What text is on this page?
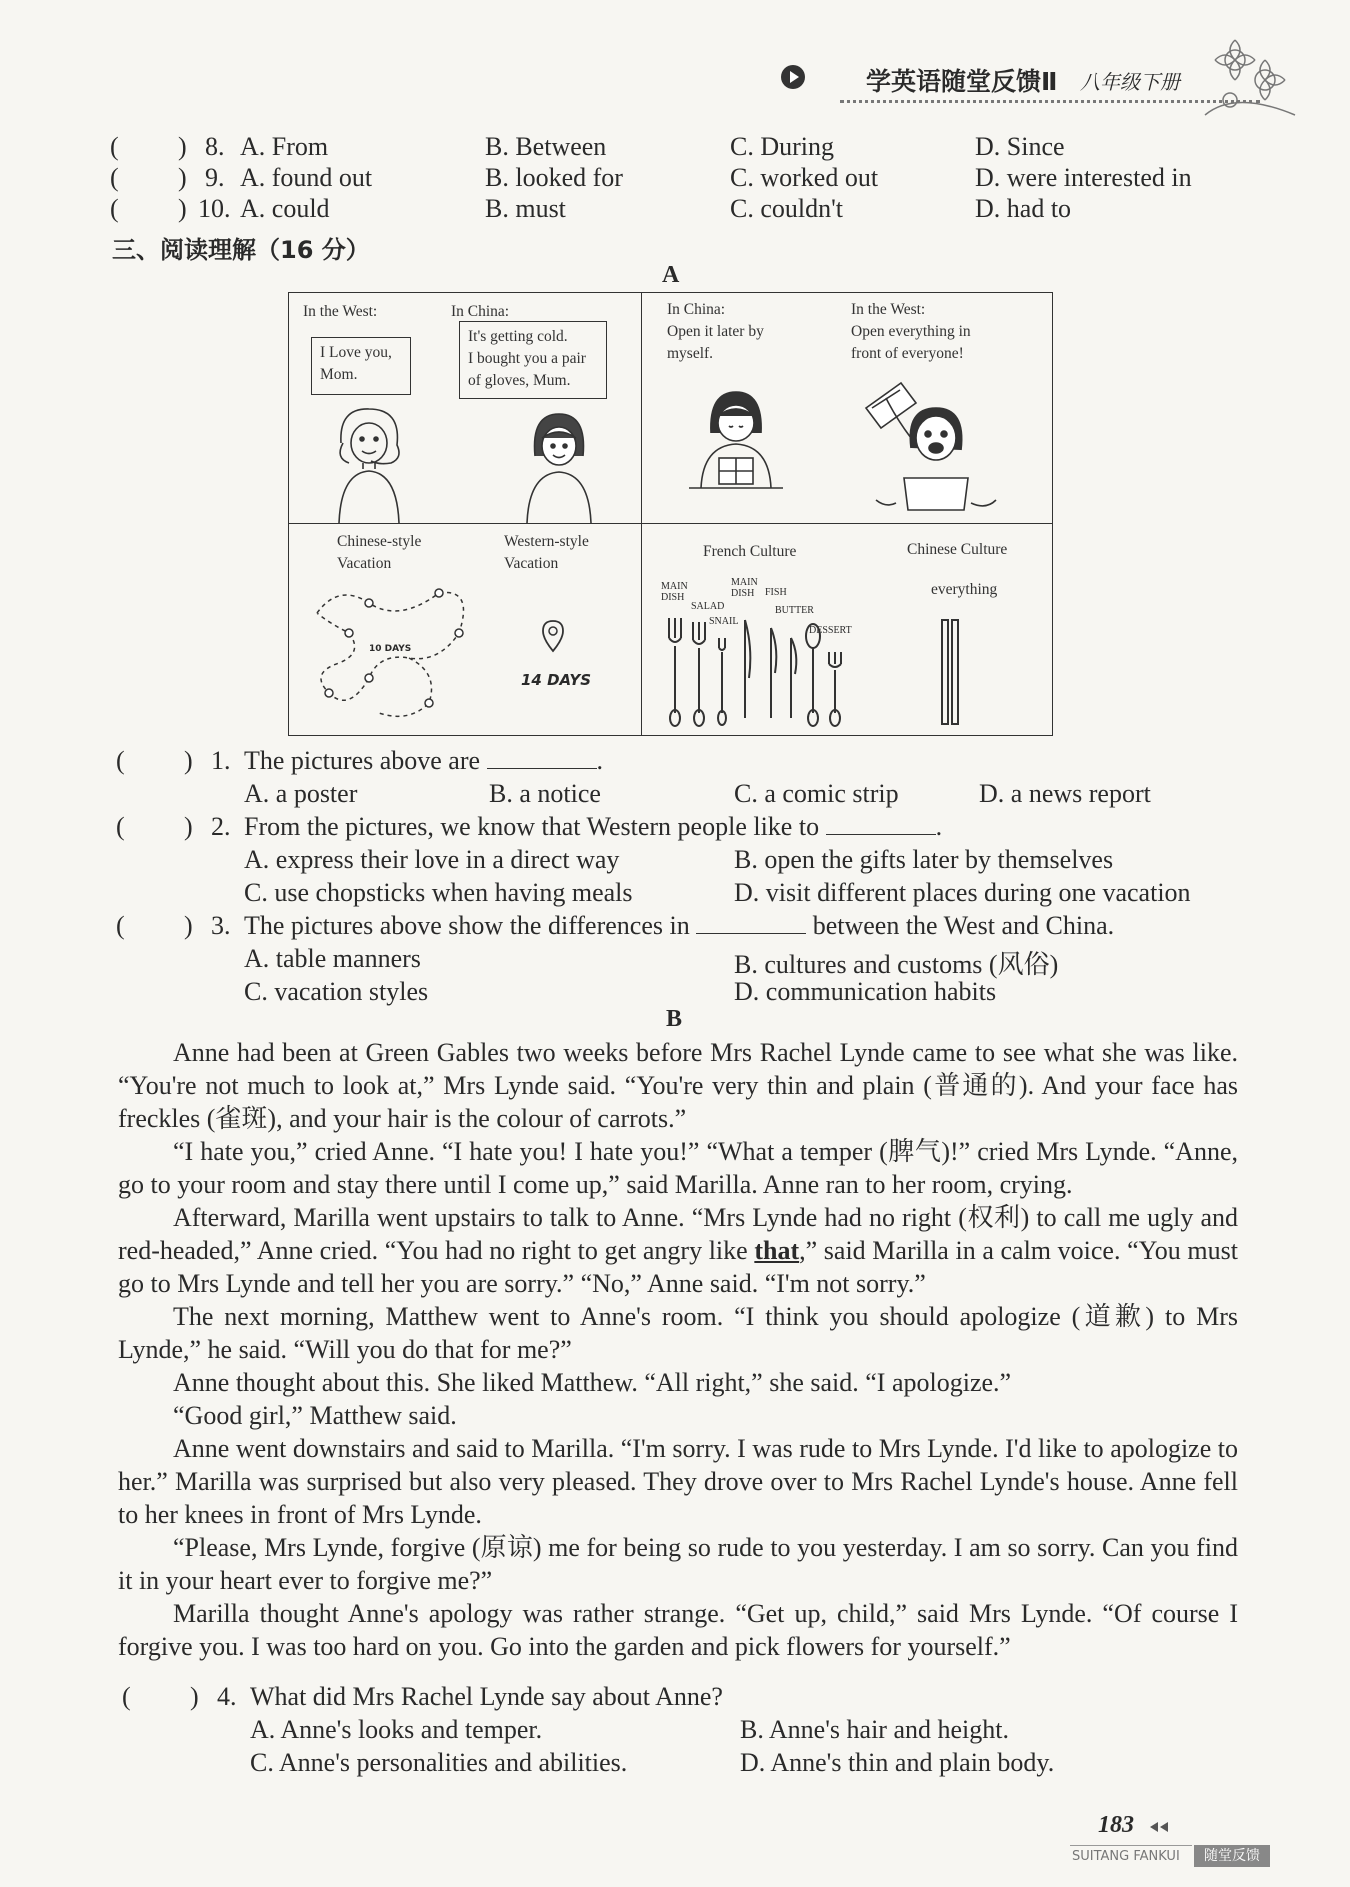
学英语随堂反馈Ⅱ 八年级下册
( ) 8. A. From	B. Between	C. During	D. Since
( ) 9. A. found out	B. looked for	C. worked out	D. were interested in
( ) 10. A. could	B. must	C. couldn't	D. had to
三、阅读理解（16 分）
A
In the West:	In China:
I Love you,
Mom.
It's getting cold.
I bought you a pair
of gloves, Mum.
In China:
Open it later by
myself.
In the West:
Open everything in
front of everyone!
Chinese-style
Vacation
Western-style
Vacation
10 DAYS
14 DAYS
French Culture	Chinese Culture
everything
MAIN DISH
SALAD
SNAIL
MAIN DISH	FISH
BUTTER
DESSERT
( ) 1. The pictures above are	.
A. a poster	B. a notice	C. a comic strip	D. a news report
( ) 2. From the pictures, we know that Western people like to	.
A. express their love in a direct way	B. open the gifts later by themselves
C. use chopsticks when having meals	D. visit different places during one vacation
( ) 3. The pictures above show the differences in	between the West and China.
A. table manners	B. cultures and customs (风俗)
C. vacation styles	D. communication habits
B

Anne had been at Green Gables two weeks before Mrs Rachel Lynde came to see what she was like. “You're not much to look at,” Mrs Lynde said. “You're very thin and plain (普通的). And your face has freckles (雀斑), and your hair is the colour of carrots.”

“I hate you,” cried Anne. “I hate you! I hate you!” “What a temper (脾气)!” cried Mrs Lynde. “Anne, go to your room and stay there until I come up,” said Marilla. Anne ran to her room, crying.

Afterward, Marilla went upstairs to talk to Anne. “Mrs Lynde had no right (权利) to call me ugly and red-headed,” Anne cried. “You had no right to get angry like that,” said Marilla in a calm voice. “You must go to Mrs Lynde and tell her you are sorry.” “No,” Anne said. “I'm not sorry.”

The next morning, Matthew went to Anne's room. “I think you should apologize (道歉) to Mrs Lynde,” he said. “Will you do that for me?”

Anne thought about this. She liked Matthew. “All right,” she said. “I apologize.”

“Good girl,” Matthew said.

Anne went downstairs and said to Marilla. “I'm sorry. I was rude to Mrs Lynde. I'd like to apologize to her.” Marilla was surprised but also very pleased. They drove over to Mrs Rachel Lynde's house. Anne fell to her knees in front of Mrs Lynde.

“Please, Mrs Lynde, forgive (原谅) me for being so rude to you yesterday. I am so sorry. Can you find it in your heart ever to forgive me?”

Marilla thought Anne's apology was rather strange. “Get up, child,” said Mrs Lynde. “Of course I forgive you. I was too hard on you. Go into the garden and pick flowers for yourself.”

( ) 4. What did Mrs Rachel Lynde say about Anne?
A. Anne's looks and temper.	B. Anne's hair and height.
C. Anne's personalities and abilities.	D. Anne's thin and plain body.
183
SUITANG FANKUI	随堂反馈
